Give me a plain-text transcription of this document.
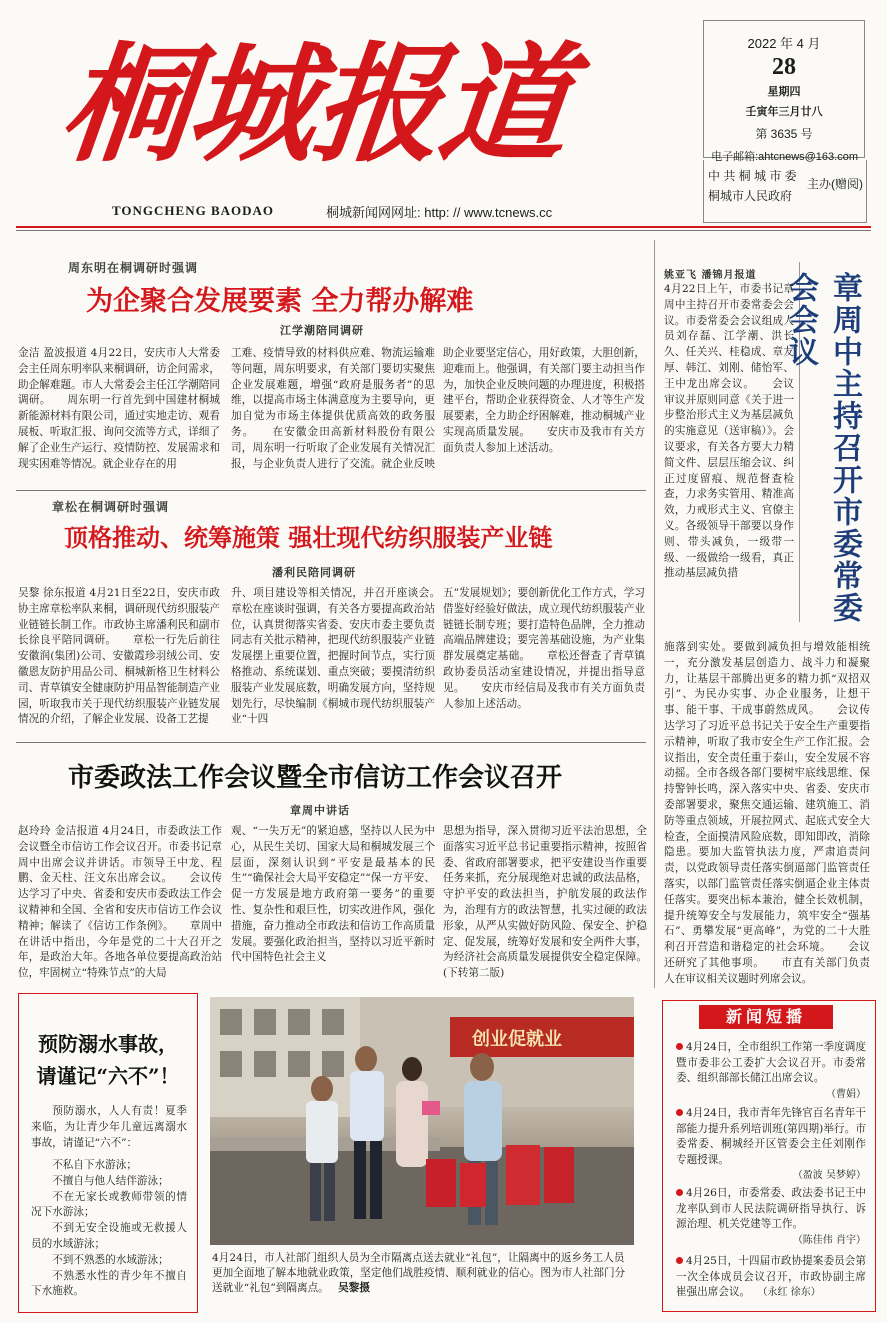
桐城报道
TONGCHENG BAODAO	桐城新闻网网址: http: // www.tcnews.cc
2022 年 4 月
28
星期四
壬寅年三月廿八
第 3635 号
电子邮箱:ahtcnews@163.com
中 共 桐 城 市 委
桐城市人民政府
主办(赠阅)
周东明在桐调研时强调
为企聚合发展要素 全力帮办解难
江学潮陪同调研
金洁 盈波报道 4月22日，安庆市人大常委会主任周东明率队来桐调研，访企问需求，助企解难题。市人大常委会主任江学潮陪同调研。　　周东明一行首先到中国建材桐城新能源材料有限公司，通过实地走访、观看展板、听取汇报、询问交流等方式，详细了解了企业生产运行、疫情防控、发展需求和现实困难等情况。就企业存在的用
工难、疫情导致的材料供应难、物流运输难等问题，周东明要求，有关部门要切实聚焦企业发展难题，增强“政府是服务者”的思维，以提高市场主体满意度为主要导向，更加自觉为市场主体提供优质高效的政务服务。　　在安徽金田高新材料股份有限公司，周东明一行听取了企业发展有关情况汇报，与企业负责人进行了交流。就企业反映
助企业要坚定信心，用好政策，大胆创新，迎难而上。他强调，有关部门要主动担当作为，加快企业反映问题的办理进度，积极搭建平台，帮助企业获得资金、人才等生产发展要素，全力助企纾困解难，推动桐城产业实现高质量发展。　　安庆市及我市有关方面负责人参加上述活动。
章松在桐调研时强调
顶格推动、统筹施策 强壮现代纺织服装产业链
潘利民陪同调研
吴黎 徐东报道 4月21日至22日，安庆市政协主席章松率队来桐，调研现代纺织服装产业链链长制工作。市政协主席潘利民和副市长徐良平陪同调研。　　章松一行先后前往安徽润(集团)公司、安徽霞珍羽绒公司、安徽恩友防护用品公司、桐城新格卫生材料公司、青草镇安全健康防护用品智能制造产业园，听取我市关于现代纺织服装产业链发展情况的介绍，了解企业发展、设备工艺提
升、项目建设等相关情况，并召开座谈会。　　章松在座谈时强调，有关各方要提高政治站位，认真贯彻落实省委、安庆市委主要负责同志有关批示精神，把现代纺织服装产业链发展摆上重要位置，把握时间节点，实行顶格推动、系统谋划、重点突破；要摸清纺织服装产业发展底数，明确发展方向，坚持规划先行，尽快编制《桐城市现代纺织服装产业“十四
五”发展规划》；要创新优化工作方式，学习借鉴好经验好做法，成立现代纺织服装产业链链长制专班；要打造特色品牌，全力推动高端品牌建设；要完善基础设施，为产业集群发展奠定基础。　　章松还督查了青草镇政协委员活动室建设情况，并提出指导意见。　　安庆市经信局及我市有关方面负责人参加上述活动。
市委政法工作会议暨全市信访工作会议召开
章周中讲话
赵玲玲 金洁报道 4月24日，市委政法工作会议暨全市信访工作会议召开。市委书记章周中出席会议并讲话。市领导王中龙、程鹏、金天柱、汪文东出席会议。　　会议传达学习了中央、省委和安庆市委政法工作会议精神和全国、全省和安庆市信访工作会议精神；解读了《信访工作条例》。　　章周中在讲话中指出，今年是党的二十大召开之年，是政治大年。各地各单位要提高政治站位，牢固树立“特殊节点”的大局
观、“一失万无”的紧迫感，坚持以人民为中心，从民生关切、国家大局和桐城发展三个层面，深刻认识到“平安是最基本的民生”“确保社会大局平安稳定”“保一方平安、促一方发展是地方政府第一要务”的重要性、复杂性和艰巨性，切实改进作风，强化措施，奋力推动全市政法和信访工作高质量发展。要强化政治担当，坚持以习近平新时代中国特色社会主义
思想为指导，深入贯彻习近平法治思想，全面落实习近平总书记重要指示精神，按照省委、省政府部署要求，把平安建设当作重要任务来抓，充分展现绝对忠诚的政法品格，守护平安的政法担当，护航发展的政法作为，治理有方的政法智慧，扎实过硬的政法形象，从严从实做好防风险、保安全、护稳定、促发展，统筹好发展和安全两件大事，为经济社会高质量发展提供安全稳定保障。(下转第二版)
姚亚飞 潘锦月报道	章周中主持召开市委常委会会议
4月22日上午，市委书记章周中主持召开市委常委会会议。市委常委会会议组成人员刘存磊、江学潮、洪长久、任关兴、桂稳成、章友厚、韩江、刘刚、储怡军、王中龙出席会议。　　会议审议并原则同意《关于进一步整治形式主义为基层减负的实施意见（送审稿）》。会议要求，有关各方要大力精简文件、层层压缩会议、纠正过度留痕、规范督查检查，力求务实管用、精准高效，力戒形式主义、官僚主义。各级领导干部要以身作则、带头减负，一级带一级、一级做给一级看，真正推动基层减负措
施落到实处。要做到减负担与增效能相统一，充分激发基层创造力、战斗力和凝聚力，让基层干部腾出更多的精力抓“双招双引”、为民办实事、办企业服务，让想干事、能干事、干成事蔚然成风。　　会议传达学习了习近平总书记关于安全生产重要指示精神，听取了我市安全生产工作汇报。会议指出，安全责任重于泰山，安全发展不容动摇。全市各级各部门要树牢底线思维、保持警钟长鸣，深入落实中央、省委、安庆市委部署要求，聚焦交通运输、建筑施工、消防等重点领域，开展拉网式、起底式安全大检查，全面摸清风险底数，即知即改，消除隐患。要加大监管执法力度，严肃追责问责，以党政领导责任落实倒逼部门监管责任落实，以部门监管责任落实倒逼企业主体责任落实。要突出标本兼治，健全长效机制，提升统筹安全与发展能力，筑牢安全“强基石”、勇攀发展“更高峰”，为党的二十大胜利召开营造和谐稳定的社会环境。　　会议还研究了其他事项。　　市直有关部门负责人在审议相关议题时列席会议。
预防溺水事故，
请谨记“六不”！
预防溺水，人人有责！夏季来临，为让青少年儿童远离溺水事故，请谨记“六不”：

不私自下水游泳；

不擅自与他人结伴游泳；

不在无家长或教师带领的情况下水游泳；

不到无安全设施或无救援人员的水域游泳；

不到不熟悉的水域游泳；

不熟悉水性的青少年不擅自下水施救。

创业促就业
4月24日，市人社部门组织人员为全市隔离点送去就业“礼包”，让隔离中的返乡务工人员更加全面地了解本地就业政策，坚定他们战胜疫情、顺利就业的信心。图为市人社部门分送就业“礼包”到隔离点。 吴黎摄
新闻短播
4月24日，全市组织工作第一季度调度暨市委非公工委扩大会议召开。市委常委、组织部部长储江出席会议。
（曹娟）
4月24日，我市青年先锋官百名青年干部能力提升系列培训班(第四期)举行。市委常委、桐城经开区管委会主任刘刚作专题授课。
（盈波 吴梦婷）
4月26日，市委常委、政法委书记王中龙率队到市人民法院调研指导执行、诉源治理、机关党建等工作。
（陈佳伟 肖宇）
4月25日，十四届市政协提案委员会第一次全体成员会议召开，市政协副主席崔强出席会议。 （永红 徐东）
